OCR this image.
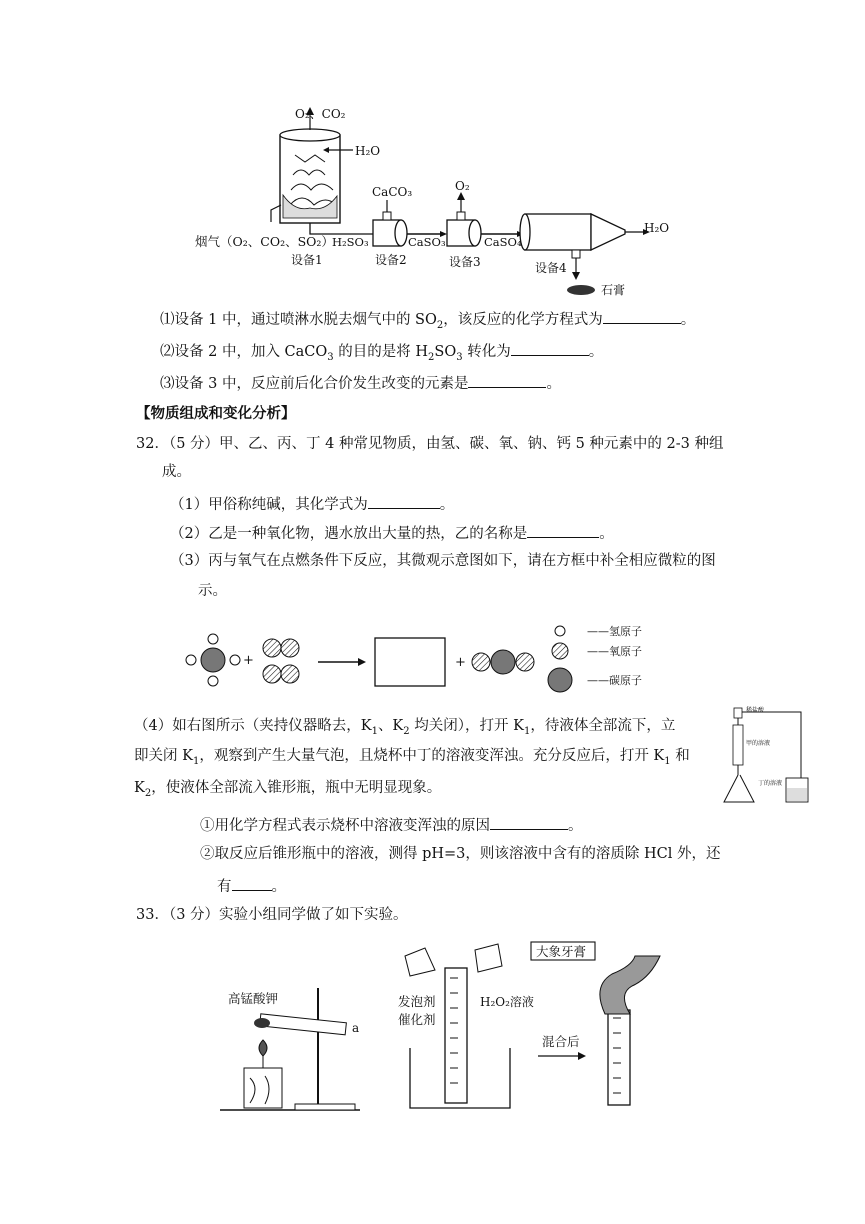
O₂、CO₂
H₂O
CaCO₃	O₂
烟气（O₂、CO₂、SO₂）
H₂SO₃	CaSO₃	CaSO₄
H₂O
设备1	设备2	设备3	设备4
石膏
⑴设备 1 中，通过喷淋水脱去烟气中的 $SO_2$，该反应的化学方程式为	。
⑵设备 2 中，加入 CaCO$_3$ 的目的是将 $H_2SO_3$ 转化为	。
⑶设备 3 中，反应前后化合价发生改变的元素是	。
【物质组成和变化分析】
32．（5 分）甲、乙、丙、丁 4 种常见物质，由氢、碳、氧、钠、钙 5 种元素中的 2-3 种组
成。
（1）甲俗称纯碱，其化学式为	。
（2）乙是一种氧化物，遇水放出大量的热，乙的名称是	。
（3）丙与氧气在点燃条件下反应，其微观示意图如下，请在方框中补全相应微粒的图
示。
+	+
——氢原子
——氧原子
——碳原子
（4）如右图所示（夹持仪器略去，$K_1$、$K_2$ 均关闭），打开 $K_1$，待液体全部流下，立
即关闭 $K_1$，观察到产生大量气泡，且烧杯中丁的溶液变浑浊。充分反应后，打开 $K_1$ 和
$K_2$，使液体全部流入锥形瓶，瓶中无明显现象。
①用化学方程式表示烧杯中溶液变浑浊的原因	。
②取反应后锥形瓶中的溶液，测得 pH=3，则该溶液中含有的溶质除 HCl 外，还
有	。
稀盐酸
甲的溶液
丁的溶液
33．（3 分）实验小组同学做了如下实验。
高锰酸钾
a
发泡剂
催化剂
H₂O₂溶液
混合后
大象牙膏
